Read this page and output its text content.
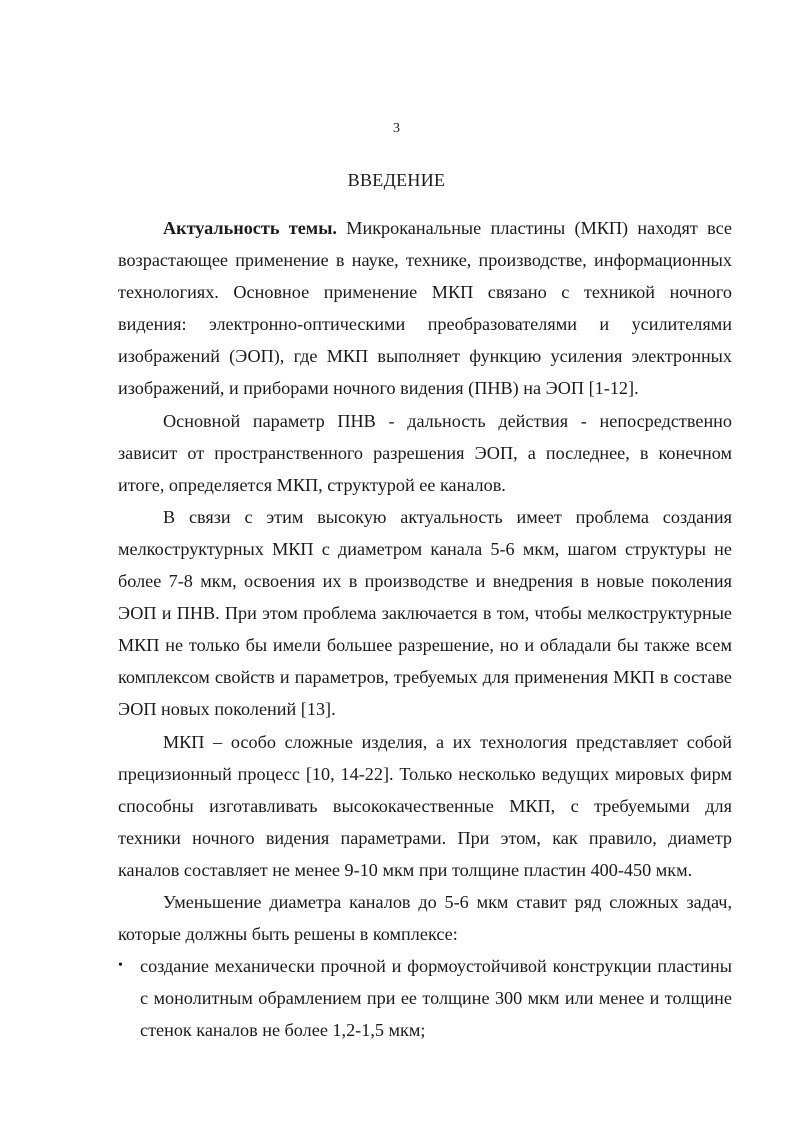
3
ВВЕДЕНИЕ

Актуальность темы. Микроканальные пластины (МКП) находят все возрастающее применение в науке, технике, производстве, информационных технологиях. Основное применение МКП связано с техникой ночного видения: электронно-оптическими преобразователями и усилителями изображений (ЭОП), где МКП выполняет функцию усиления электронных изображений, и приборами ночного видения (ПНВ) на ЭОП [1-12].

Основной параметр ПНВ - дальность действия - непосредственно зависит от пространственного разрешения ЭОП, а последнее, в конечном итоге, определяется МКП, структурой ее каналов.

В связи с этим высокую актуальность имеет проблема создания мелкоструктурных МКП с диаметром канала 5-6 мкм, шагом структуры не более 7-8 мкм, освоения их в производстве и внедрения в новые поколения ЭОП и ПНВ. При этом проблема заключается в том, чтобы мелкоструктурные МКП не только бы имели большее разрешение, но и обладали бы также всем комплексом свойств и параметров, требуемых для применения МКП в составе ЭОП новых поколений [13].

МКП – особо сложные изделия, а их технология представляет собой прецизионный процесс [10, 14-22]. Только несколько ведущих мировых фирм способны изготавливать высококачественные МКП, с требуемыми для техники ночного видения параметрами. При этом, как правило, диаметр каналов составляет не менее 9-10 мкм при толщине пластин 400-450 мкм.

Уменьшение диаметра каналов до 5-6 мкм ставит ряд сложных задач, которые должны быть решены в комплексе:

• создание механически прочной и формоустойчивой конструкции пластины с монолитным обрамлением при ее толщине 300 мкм или менее и толщине стенок каналов не более 1,2-1,5 мкм;
